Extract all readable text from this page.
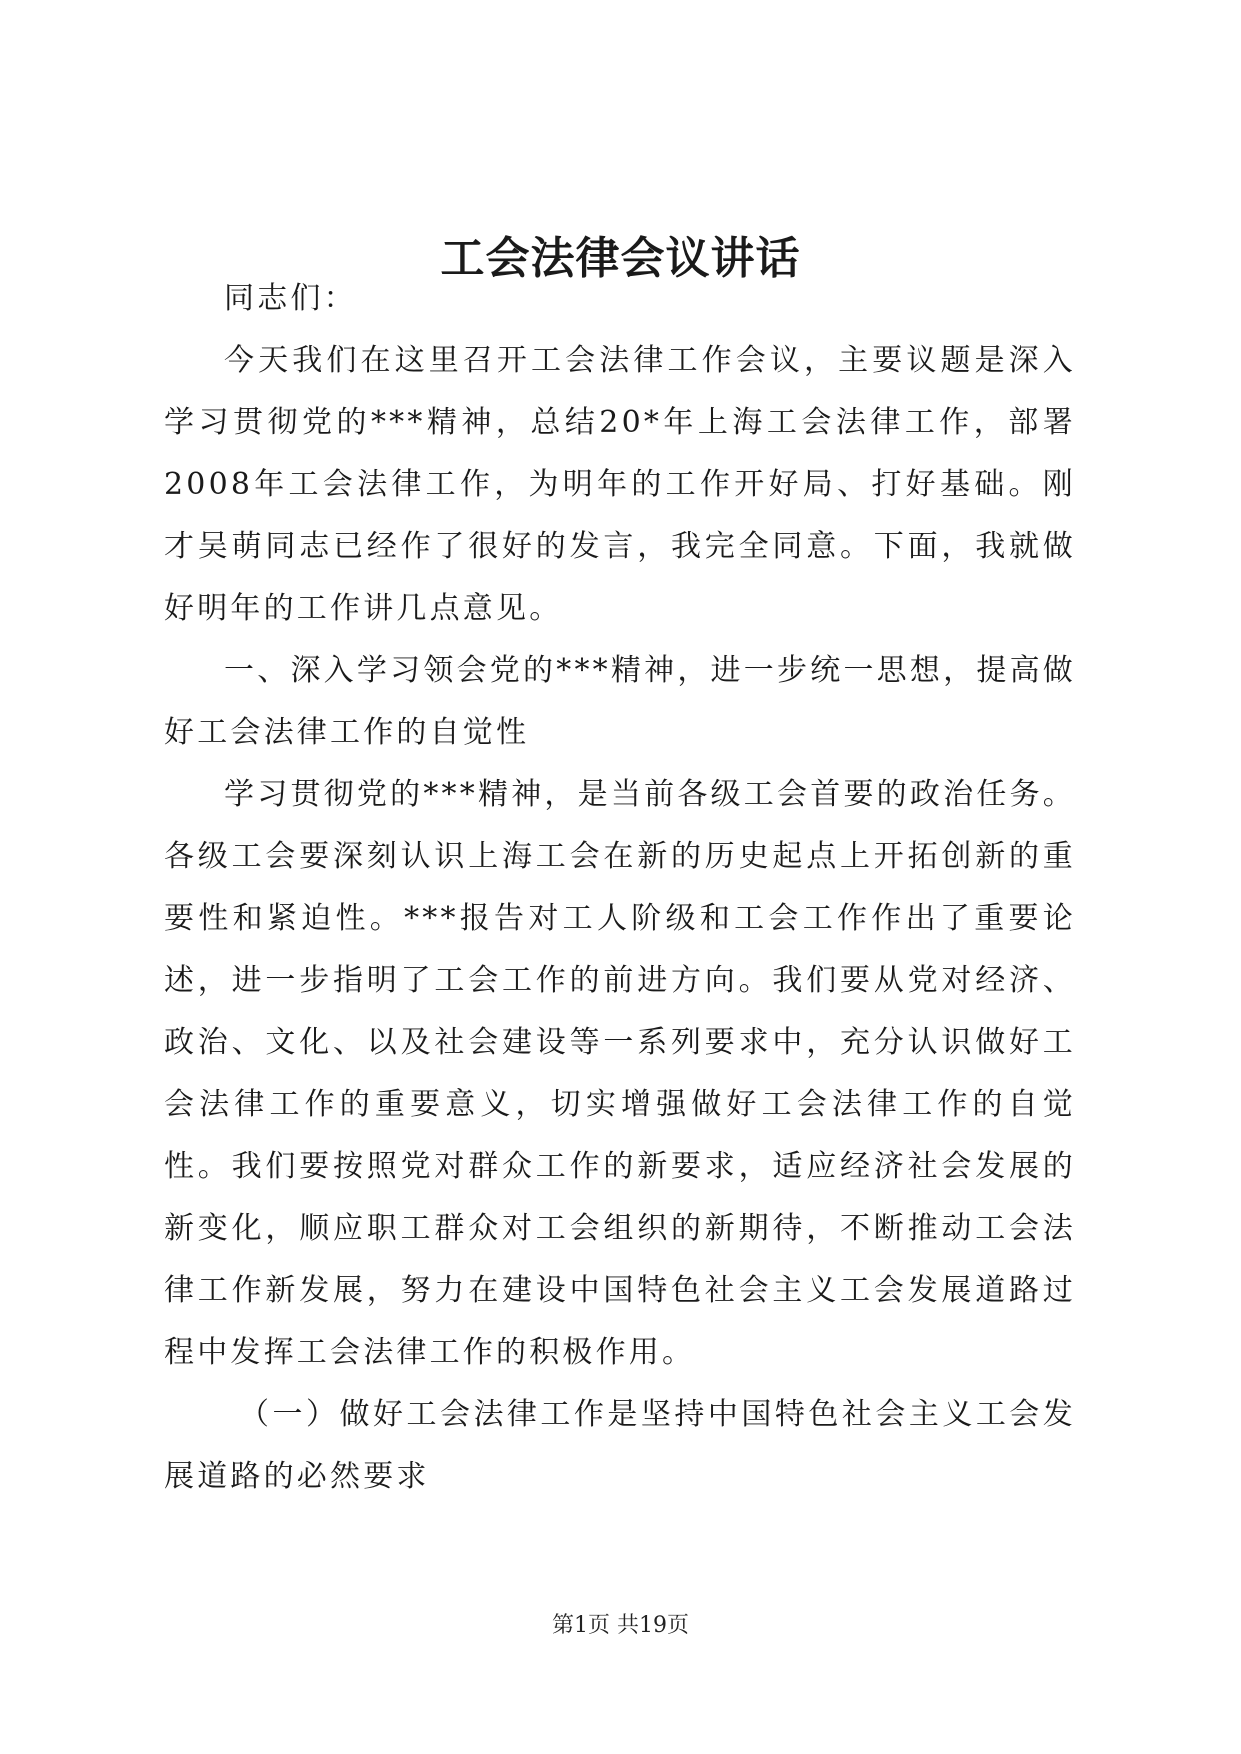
工会法律会议讲话

同志们：

今天我们在这里召开工会法律工作会议，主要议题是深入学习贯彻党的***精神，总结20*年上海工会法律工作，部署2008年工会法律工作，为明年的工作开好局、打好基础。刚才吴萌同志已经作了很好的发言，我完全同意。下面，我就做好明年的工作讲几点意见。

一、深入学习领会党的***精神，进一步统一思想，提高做好工会法律工作的自觉性

学习贯彻党的***精神，是当前各级工会首要的政治任务。各级工会要深刻认识上海工会在新的历史起点上开拓创新的重要性和紧迫性。***报告对工人阶级和工会工作作出了重要论述，进一步指明了工会工作的前进方向。我们要从党对经济、政治、文化、以及社会建设等一系列要求中，充分认识做好工会法律工作的重要意义，切实增强做好工会法律工作的自觉性。我们要按照党对群众工作的新要求，适应经济社会发展的新变化，顺应职工群众对工会组织的新期待，不断推动工会法律工作新发展，努力在建设中国特色社会主义工会发展道路过程中发挥工会法律工作的积极作用。

（一）做好工会法律工作是坚持中国特色社会主义工会发展道路的必然要求

第1页 共19页
